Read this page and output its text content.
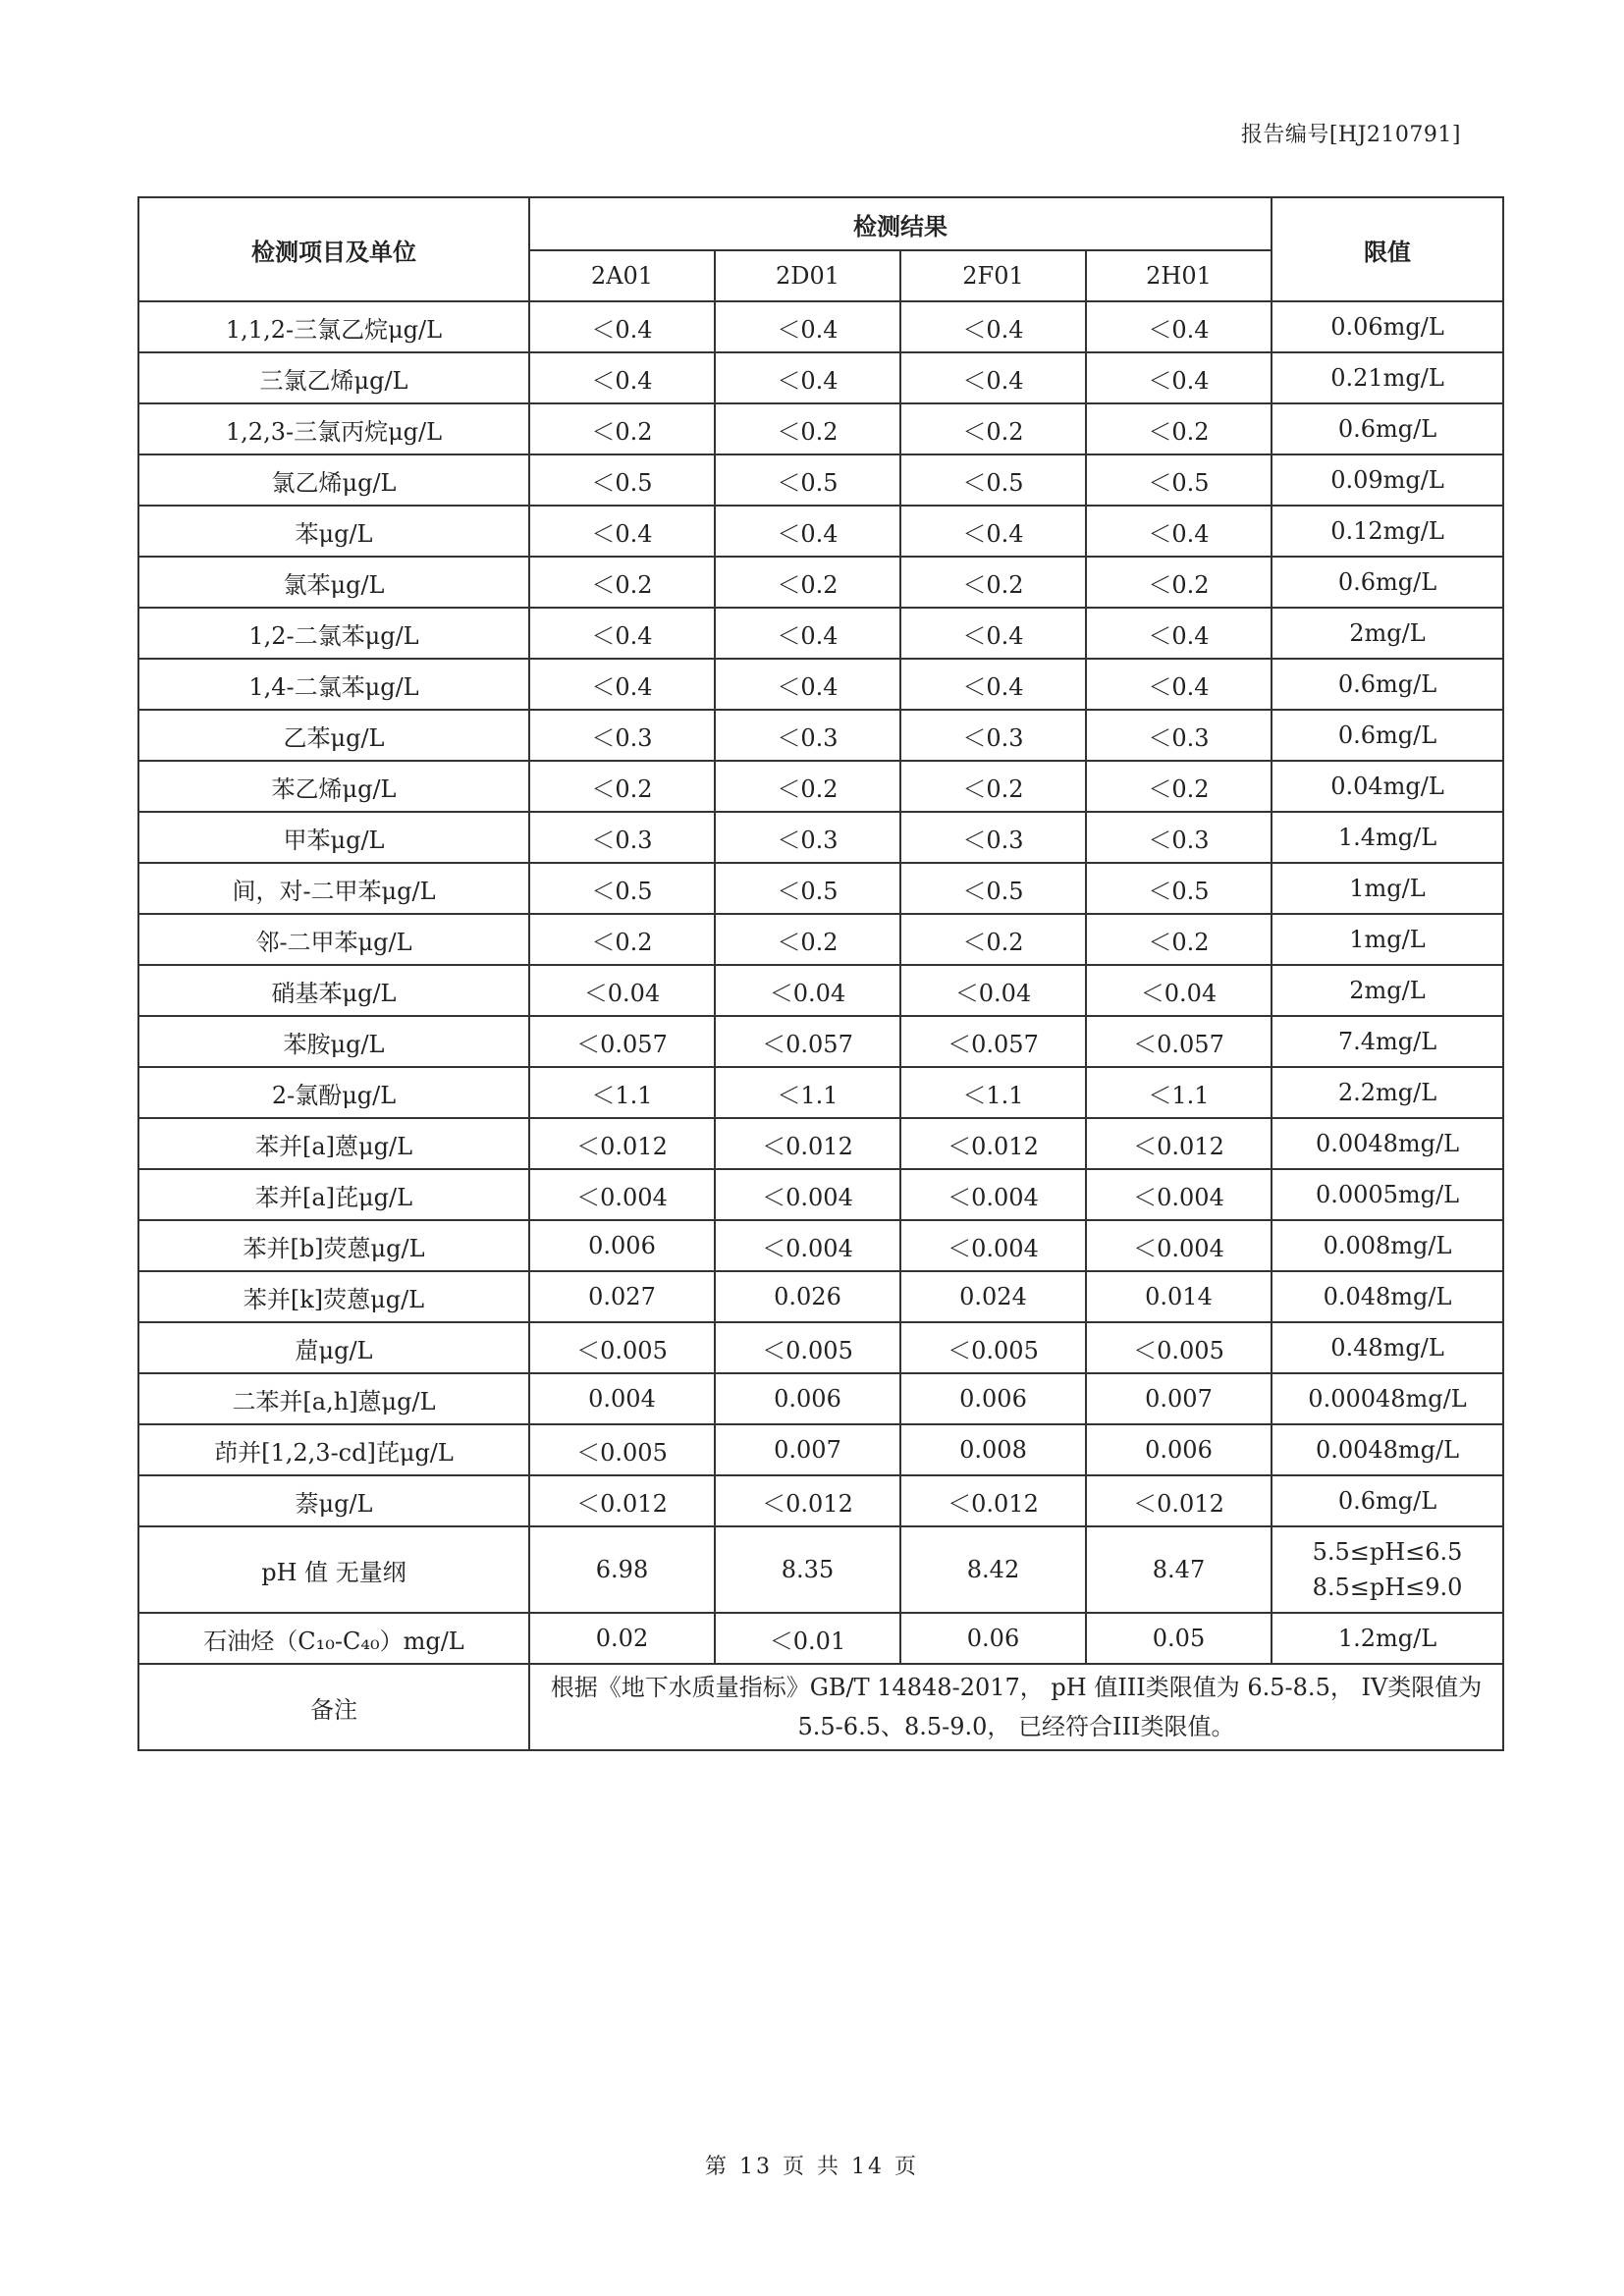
报告编号[HJ210791]
检测项目及单位	检测结果				限值
	2A01	2D01	2F01	2H01	
1,1,2-三氯乙烷μg/L	＜0.4	＜0.4	＜0.4	＜0.4	0.06mg/L
三氯乙烯μg/L	＜0.4	＜0.4	＜0.4	＜0.4	0.21mg/L
1,2,3-三氯丙烷μg/L	＜0.2	＜0.2	＜0.2	＜0.2	0.6mg/L
氯乙烯μg/L	＜0.5	＜0.5	＜0.5	＜0.5	0.09mg/L
苯μg/L	＜0.4	＜0.4	＜0.4	＜0.4	0.12mg/L
氯苯μg/L	＜0.2	＜0.2	＜0.2	＜0.2	0.6mg/L
1,2-二氯苯μg/L	＜0.4	＜0.4	＜0.4	＜0.4	2mg/L
1,4-二氯苯μg/L	＜0.4	＜0.4	＜0.4	＜0.4	0.6mg/L
乙苯μg/L	＜0.3	＜0.3	＜0.3	＜0.3	0.6mg/L
苯乙烯μg/L	＜0.2	＜0.2	＜0.2	＜0.2	0.04mg/L
甲苯μg/L	＜0.3	＜0.3	＜0.3	＜0.3	1.4mg/L
间，对-二甲苯μg/L	＜0.5	＜0.5	＜0.5	＜0.5	1mg/L
邻-二甲苯μg/L	＜0.2	＜0.2	＜0.2	＜0.2	1mg/L
硝基苯μg/L	＜0.04	＜0.04	＜0.04	＜0.04	2mg/L
苯胺μg/L	＜0.057	＜0.057	＜0.057	＜0.057	7.4mg/L
2-氯酚μg/L	＜1.1	＜1.1	＜1.1	＜1.1	2.2mg/L
苯并[a]蒽μg/L	＜0.012	＜0.012	＜0.012	＜0.012	0.0048mg/L
苯并[a]芘μg/L	＜0.004	＜0.004	＜0.004	＜0.004	0.0005mg/L
苯并[b]荧蒽μg/L	0.006	＜0.004	＜0.004	＜0.004	0.008mg/L
苯并[k]荧蒽μg/L	0.027	0.026	0.024	0.014	0.048mg/L
䓛μg/L	＜0.005	＜0.005	＜0.005	＜0.005	0.48mg/L
二苯并[a,h]蒽μg/L	0.004	0.006	0.006	0.007	0.00048mg/L
茚并[1,2,3-cd]芘μg/L	＜0.005	0.007	0.008	0.006	0.0048mg/L
萘μg/L	＜0.012	＜0.012	＜0.012	＜0.012	0.6mg/L
pH 值 无量纲	6.98	8.35	8.42	8.47	5.5≤pH≤6.5
8.5≤pH≤9.0

石油烃（C₁₀-C₄₀）mg/L	0.02	＜0.01	0.06	0.05	1.2mg/L
备注	根据《地下水质量指标》GB/T 14848-2017， pH 值III类限值为 6.5-8.5， IV类限值为 5.5-6.5、8.5-9.0， 已经符合III类限值。				
第 13 页 共 14 页
